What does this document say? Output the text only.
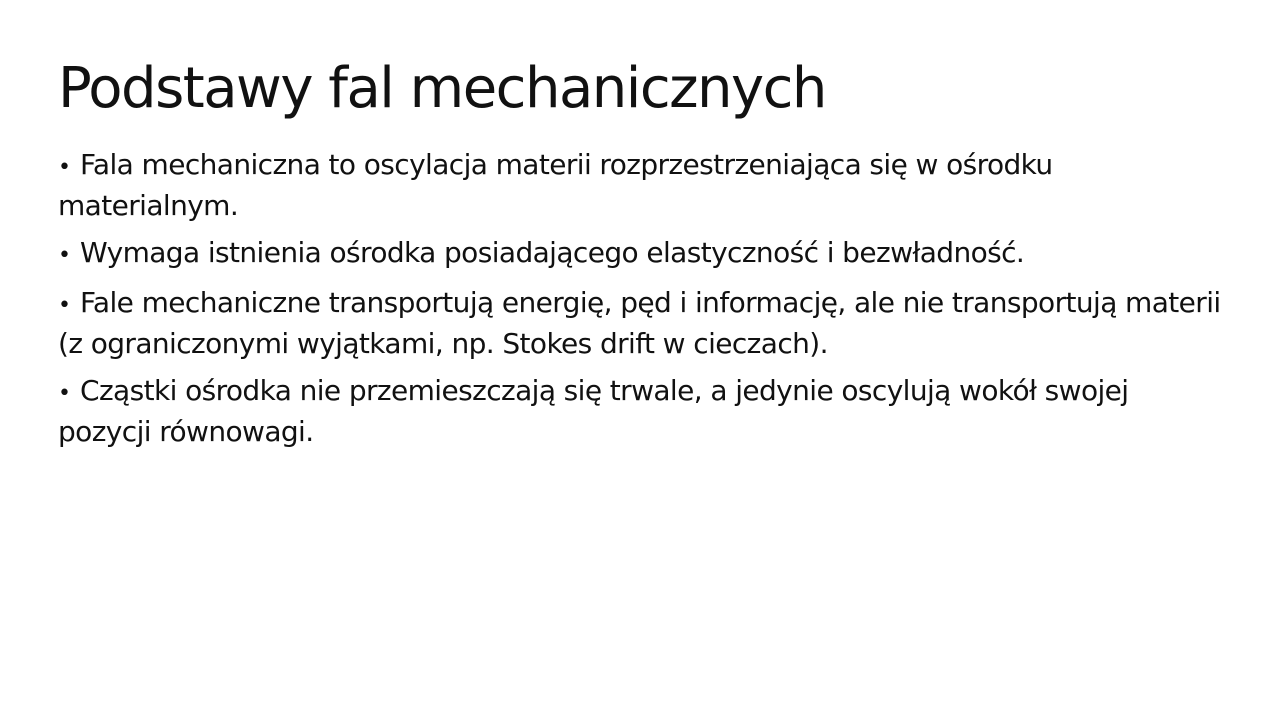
Podstawy fal mechanicznych
• Fala mechaniczna to oscylacja materii rozprzestrzeniająca się w ośrodku materialnym.
• Wymaga istnienia ośrodka posiadającego elastyczność i bezwładność.
• Fale mechaniczne transportują energię, pęd i informację, ale nie transportują materii (z ograniczonymi wyjątkami, np. Stokes drift w cieczach).
• Cząstki ośrodka nie przemieszczają się trwale, a jedynie oscylują wokół swojej pozycji równowagi.
